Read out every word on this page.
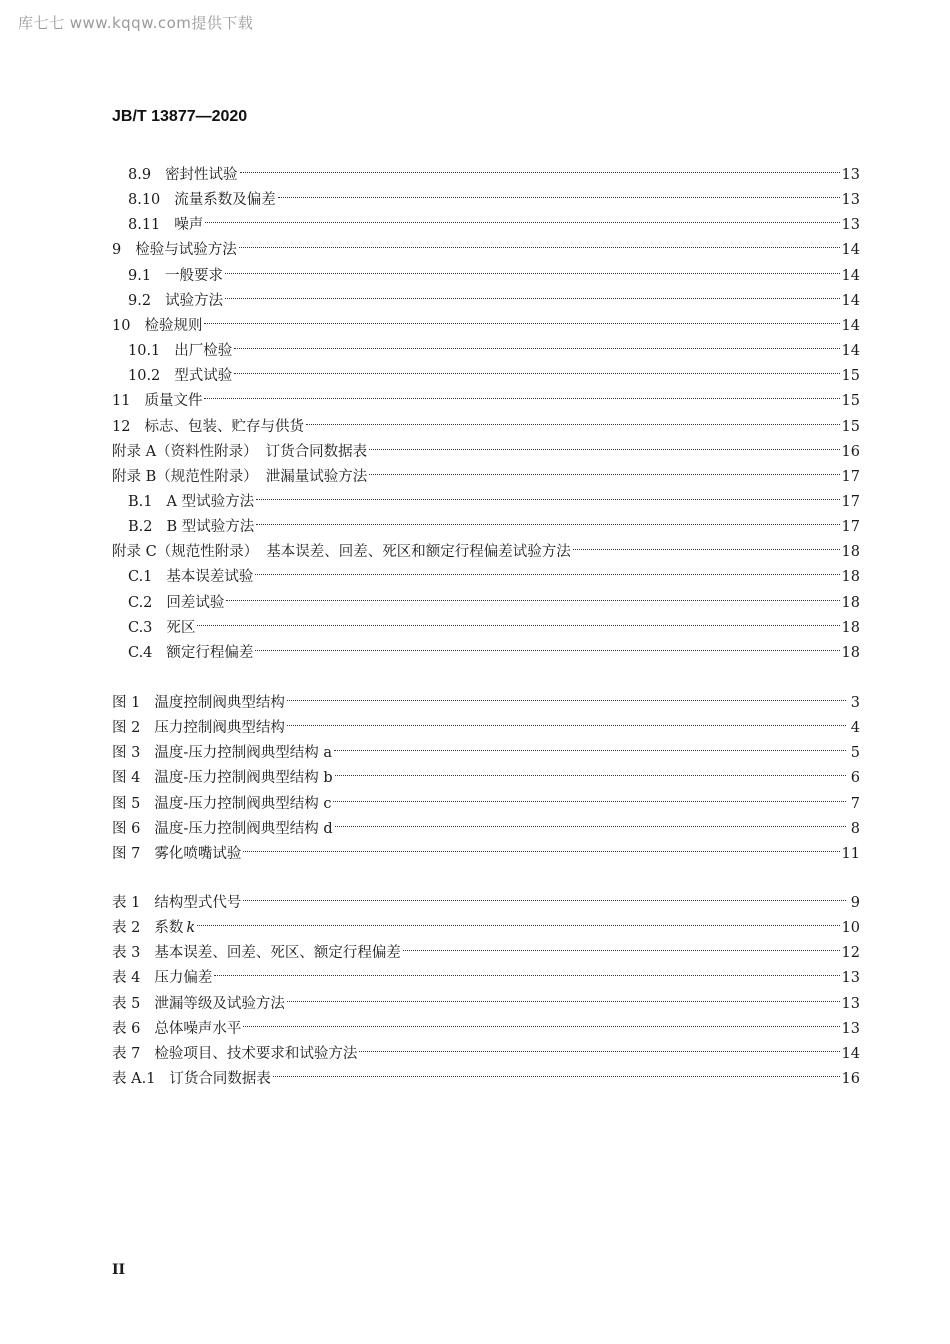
库七七 www.kqqw.com提供下载
JB/T 13877—2020
8.9 密封性试验	13
8.10 流量系数及偏差	13
8.11 噪声	13
9 检验与试验方法	14
9.1 一般要求	14
9.2 试验方法	14
10 检验规则	14
10.1 出厂检验	14
10.2 型式试验	15
11 质量文件	15
12 标志、包装、贮存与供货	15
附录 A（资料性附录） 订货合同数据表	16
附录 B（规范性附录） 泄漏量试验方法	17
B.1 A 型试验方法	17
B.2 B 型试验方法	17
附录 C（规范性附录） 基本误差、回差、死区和额定行程偏差试验方法	18
C.1 基本误差试验	18
C.2 回差试验	18
C.3 死区	18
C.4 额定行程偏差	18
图 1 温度控制阀典型结构	3
图 2 压力控制阀典型结构	4
图 3 温度-压力控制阀典型结构 a	5
图 4 温度-压力控制阀典型结构 b	6
图 5 温度-压力控制阀典型结构 c	7
图 6 温度-压力控制阀典型结构 d	8
图 7 雾化喷嘴试验	11
表 1 结构型式代号	9
表 2 系数 k	10
表 3 基本误差、回差、死区、额定行程偏差	12
表 4 压力偏差	13
表 5 泄漏等级及试验方法	13
表 6 总体噪声水平	13
表 7 检验项目、技术要求和试验方法	14
表 A.1 订货合同数据表	16
II
